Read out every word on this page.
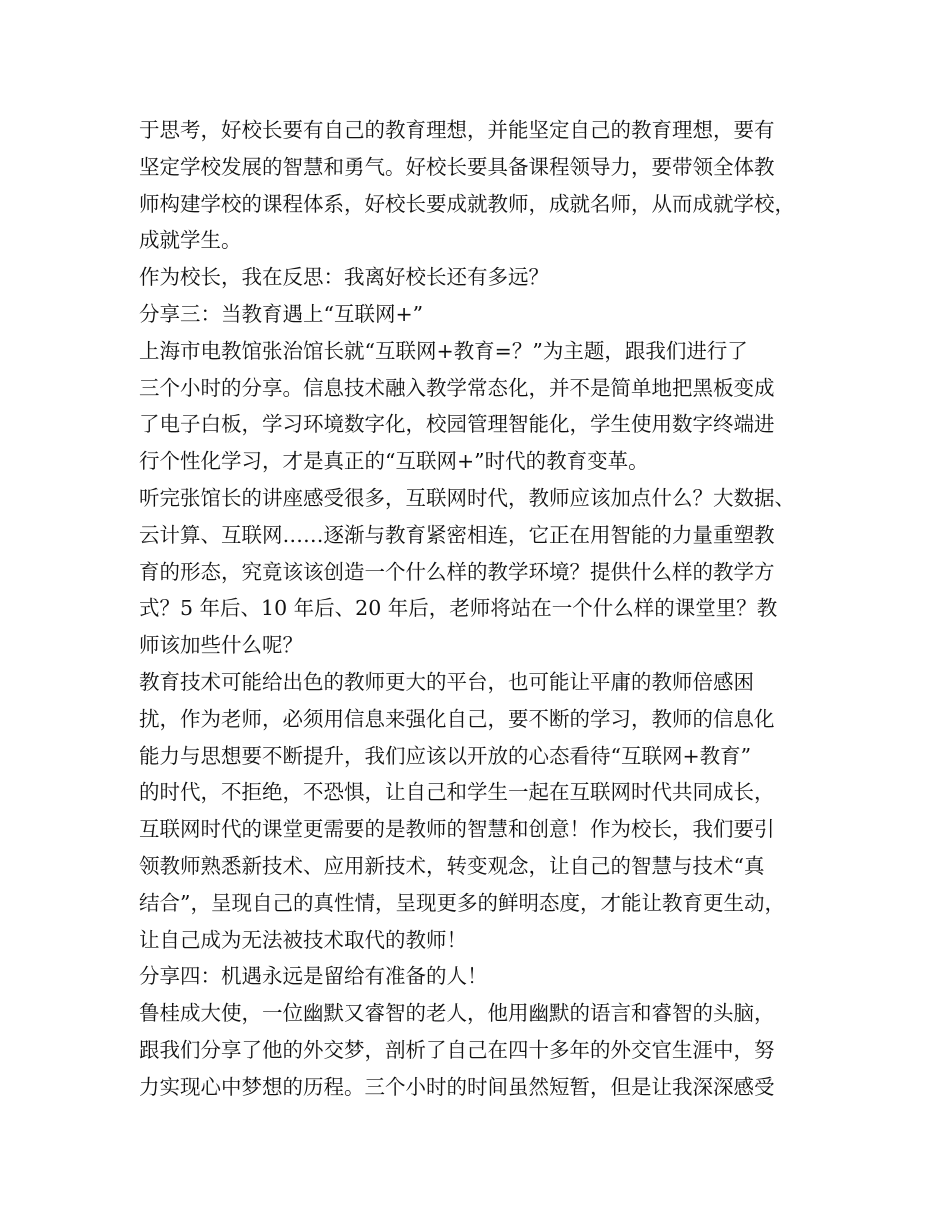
于思考，好校长要有自己的教育理想，并能坚定自己的教育理想，要有
坚定学校发展的智慧和勇气。好校长要具备课程领导力，要带领全体教
师构建学校的课程体系，好校长要成就教师，成就名师，从而成就学校，
成就学生。
作为校长，我在反思：我离好校长还有多远？
分享三：当教育遇上“互联网+”
上海市电教馆张治馆长就“互联网+教育=？”为主题，跟我们进行了
三个小时的分享。信息技术融入教学常态化，并不是简单地把黑板变成
了电子白板，学习环境数字化，校园管理智能化，学生使用数字终端进
行个性化学习，才是真正的“互联网+”时代的教育变革。
听完张馆长的讲座感受很多，互联网时代，教师应该加点什么？大数据、
云计算、互联网……逐渐与教育紧密相连，它正在用智能的力量重塑教
育的形态，究竟该该创造一个什么样的教学环境？提供什么样的教学方
式？5 年后、10 年后、20 年后，老师将站在一个什么样的课堂里？教
师该加些什么呢？
教育技术可能给出色的教师更大的平台，也可能让平庸的教师倍感困
扰，作为老师，必须用信息来强化自己，要不断的学习，教师的信息化
能力与思想要不断提升，我们应该以开放的心态看待“互联网+教育”
的时代，不拒绝，不恐惧，让自己和学生一起在互联网时代共同成长，
互联网时代的课堂更需要的是教师的智慧和创意！作为校长，我们要引
领教师熟悉新技术、应用新技术，转变观念，让自己的智慧与技术“真
结合”，呈现自己的真性情，呈现更多的鲜明态度，才能让教育更生动，
让自己成为无法被技术取代的教师！
分享四：机遇永远是留给有准备的人！
鲁桂成大使，一位幽默又睿智的老人，他用幽默的语言和睿智的头脑，
跟我们分享了他的外交梦，剖析了自己在四十多年的外交官生涯中，努
力实现心中梦想的历程。三个小时的时间虽然短暂，但是让我深深感受
